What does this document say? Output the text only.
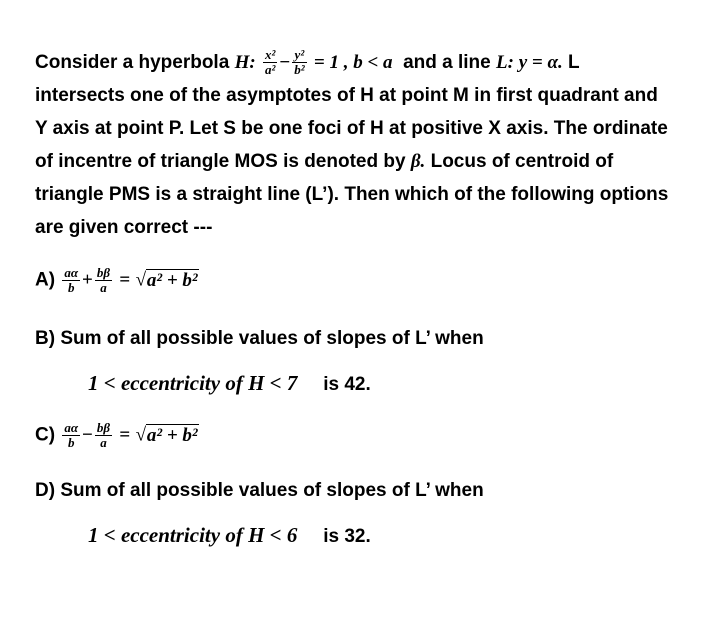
Consider a hyperbola H: $\frac{\text{x²}}{\text{a²}} - \frac{\text{y²}}{\text{b²}} = 1$ , b < a and a line L: y = α. L
intersects one of the asymptotes of H at point M in first quadrant and
Y axis at point P. Let S be one foci of H at positive X axis. The ordinate
of incentre of triangle MOS is denoted by β. Locus of centroid of
triangle PMS is a straight line (L’). Then which of the following options
are given correct ---
$A) \frac{a\alpha}{b} + \frac{b\beta}{a} = √a^2 + b^2$
B) Sum of all possible values of slopes of L’ when
1 < eccentricity of H < 7 is 42.
$C) \frac{a\alpha}{b} - \frac{b\beta}{a} = √a^2 + b^2$
D) Sum of all possible values of slopes of L’ when
1 < eccentricity of H < 6 is 32.
